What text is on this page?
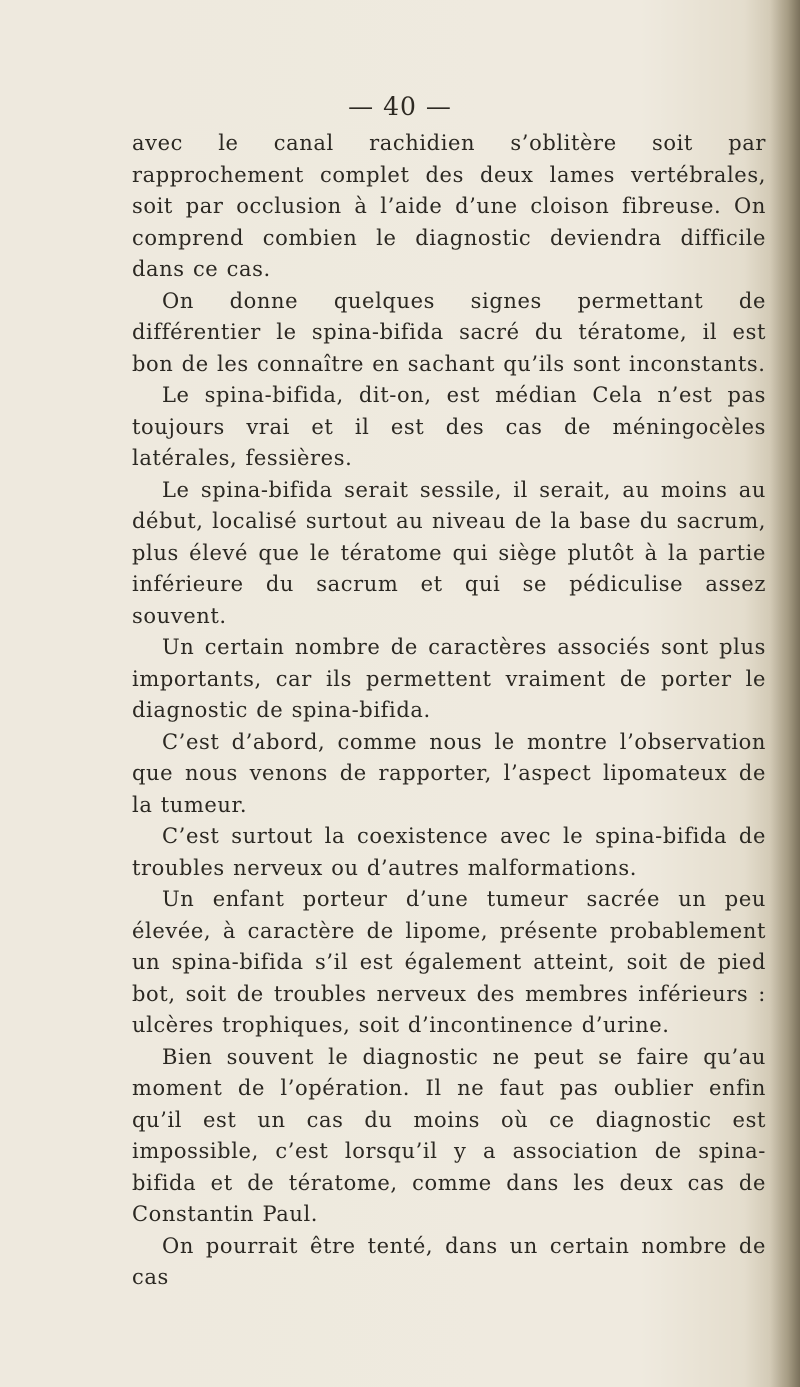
— 40 —

avec le canal rachidien s’oblitère soit par rapprochement complet des deux lames vertébrales, soit par occlusion à l’aide d’une cloison fibreuse. On comprend combien le diagnostic deviendra difficile dans ce cas.

On donne quelques signes permettant de différentier le spina-bifida sacré du tératome, il est bon de les connaître en sachant qu’ils sont inconstants.

Le spina-bifida, dit-on, est médian Cela n’est pas toujours vrai et il est des cas de méningocèles latérales, fessières.

Le spina-bifida serait sessile, il serait, au moins au début, localisé surtout au niveau de la base du sacrum, plus élevé que le tératome qui siège plutôt à la partie inférieure du sacrum et qui se pédiculise assez souvent.

Un certain nombre de caractères associés sont plus importants, car ils permettent vraiment de porter le diagnostic de spina-bifida.

C’est d’abord, comme nous le montre l’observation que nous venons de rapporter, l’aspect lipomateux de la tumeur.

C’est surtout la coexistence avec le spina-bifida de troubles nerveux ou d’autres malformations.

Un enfant porteur d’une tumeur sacrée un peu élevée, à caractère de lipome, présente probablement un spina-bifida s’il est également atteint, soit de pied bot, soit de troubles nerveux des membres inférieurs : ulcères trophiques, soit d’incontinence d’urine.

Bien souvent le diagnostic ne peut se faire qu’au moment de l’opération. Il ne faut pas oublier enfin qu’il est un cas du moins où ce diagnostic est impossible, c’est lorsqu’il y a association de spina-bifida et de tératome, comme dans les deux cas de Constantin Paul.

On pourrait être tenté, dans un certain nombre de cas
